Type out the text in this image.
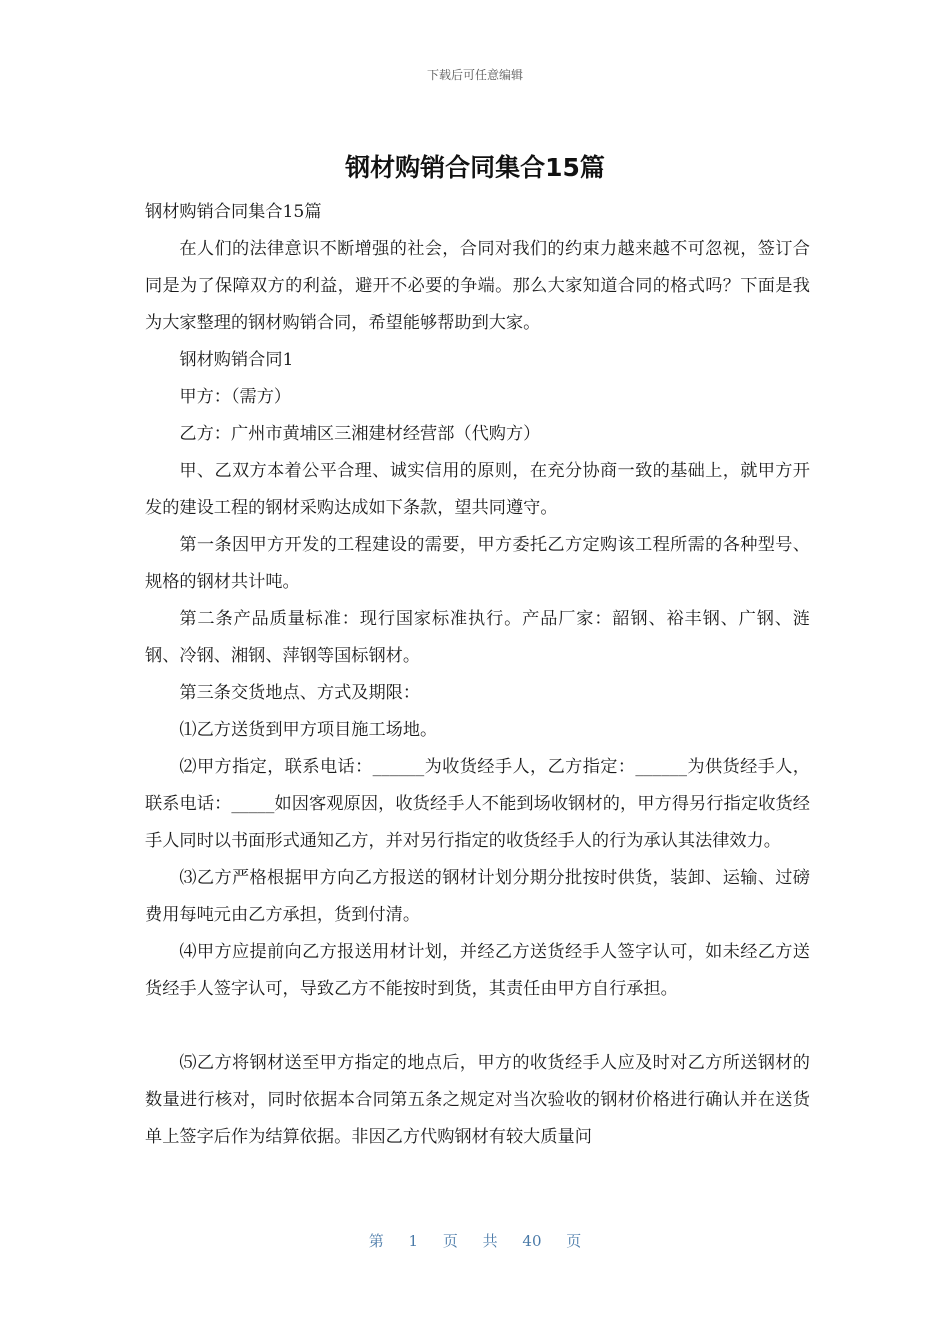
下载后可任意编辑
钢材购销合同集合15篇

钢材购销合同集合15篇

在人们的法律意识不断增强的社会，合同对我们的约束力越来越不可忽视，签订合同是为了保障双方的利益，避开不必要的争端。那么大家知道合同的格式吗？下面是我为大家整理的钢材购销合同，希望能够帮助到大家。

钢材购销合同1

甲方：（需方）

乙方：广州市黄埔区三湘建材经营部（代购方）

甲、乙双方本着公平合理、诚实信用的原则，在充分协商一致的基础上，就甲方开发的建设工程的钢材采购达成如下条款，望共同遵守。

第一条因甲方开发的工程建设的需要，甲方委托乙方定购该工程所需的各种型号、规格的钢材共计吨。

第二条产品质量标准：现行国家标准执行。产品厂家：韶钢、裕丰钢、广钢、涟钢、冷钢、湘钢、萍钢等国标钢材。

第三条交货地点、方式及期限：

⑴乙方送货到甲方项目施工场地。

⑵甲方指定，联系电话：______为收货经手人，乙方指定：______为供货经手人，联系电话：_____如因客观原因，收货经手人不能到场收钢材的，甲方得另行指定收货经手人同时以书面形式通知乙方，并对另行指定的收货经手人的行为承认其法律效力。

⑶乙方严格根据甲方向乙方报送的钢材计划分期分批按时供货，装卸、运输、过磅费用每吨元由乙方承担，货到付清。

⑷甲方应提前向乙方报送用材计划，并经乙方送货经手人签字认可，如未经乙方送货经手人签字认可，导致乙方不能按时到货，其责任由甲方自行承担。

⑸乙方将钢材送至甲方指定的地点后，甲方的收货经手人应及时对乙方所送钢材的数量进行核对，同时依据本合同第五条之规定对当次验收的钢材价格进行确认并在送货单上签字后作为结算依据。非因乙方代购钢材有较大质量问

第 1 页 共 40 页
